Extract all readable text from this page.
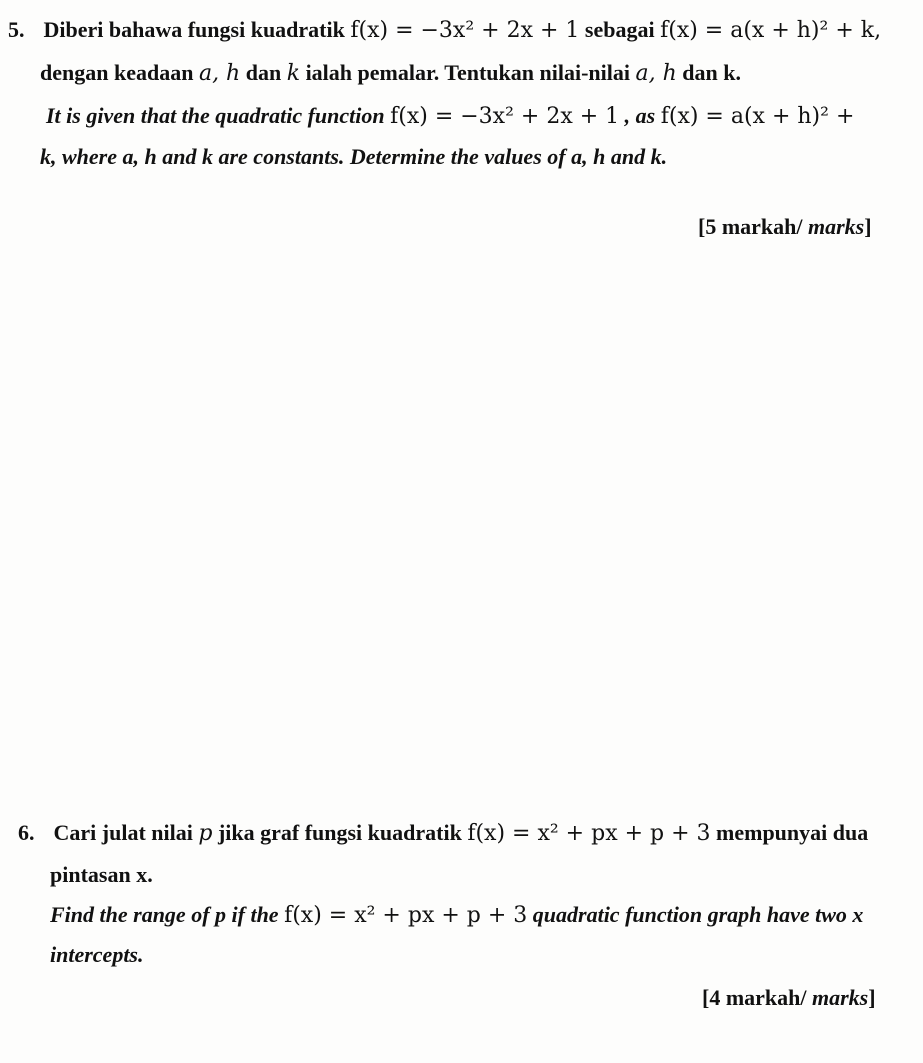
5. Diberi bahawa fungsi kuadratik f(x) = −3x² + 2x + 1 sebagai f(x) = a(x + h)² + k,
dengan keadaan a, h dan k ialah pemalar. Tentukan nilai-nilai a, h dan k.
It is given that the quadratic function f(x) = −3x² + 2x + 1 , as f(x) = a(x + h)² +
k, where a, h and k are constants. Determine the values of a, h and k.
[5 markah/ marks]
6. Cari julat nilai p jika graf fungsi kuadratik f(x) = x² + px + p + 3 mempunyai dua
pintasan x.
Find the range of p if the f(x) = x² + px + p + 3 quadratic function graph have two x
intercepts.
[4 markah/ marks]
